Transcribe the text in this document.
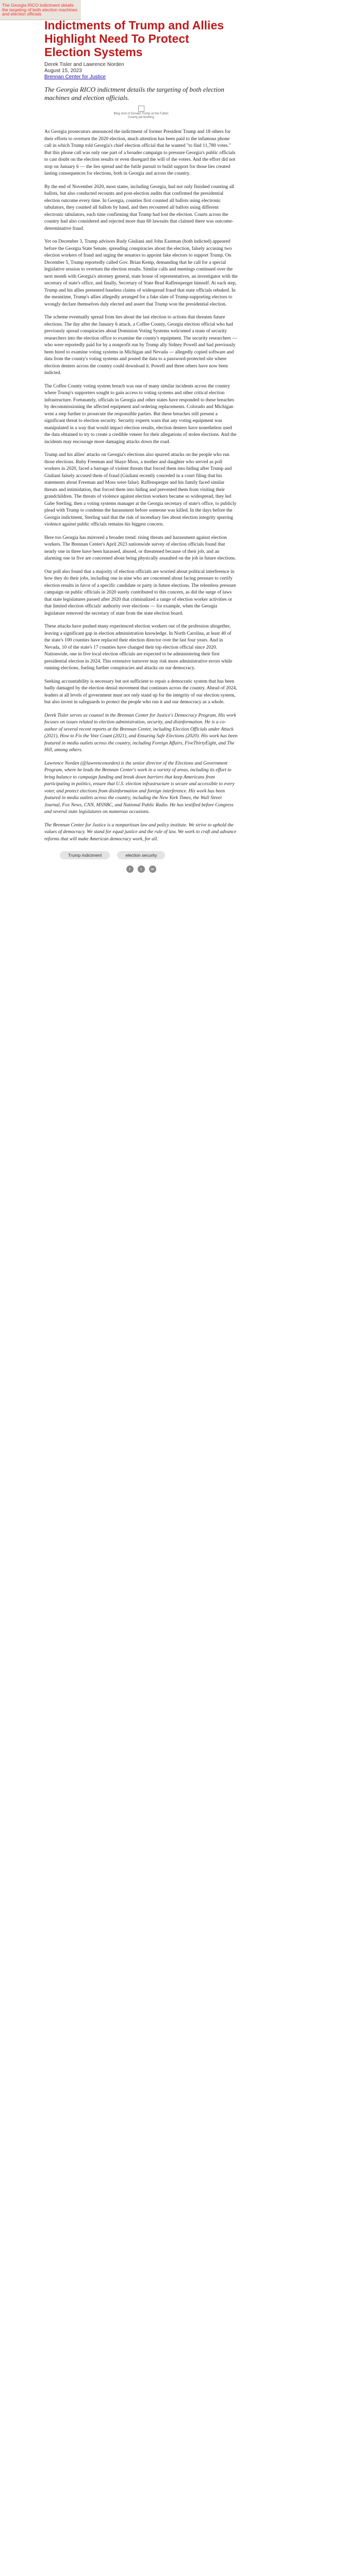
The Georgia RICO indictment details the targeting of both election machines and election officials
Indictments of Trump and Allies Highlight Need To Protect Election Systems
Derek Tisler and Lawrence Norden
August 15, 2023
Brennan Center for Justice
The Georgia RICO indictment details the targeting of both election machines and election officials.
Blog shot of Donald Trump at the Fulton County jail booking

As Georgia prosecutors announced the indictment of former President Trump and 18 others for their efforts to overturn the 2020 election, much attention has been paid to the infamous phone call in which Trump told Georgia's chief election official that he wanted "to find 11,780 votes." But this phone call was only one part of a broader campaign to pressure Georgia's public officials to cast doubt on the election results or even disregard the will of the voters. And the effort did not stop on January 6 — the lies spread and the futile pursuit to build support for those lies created lasting consequences for elections, both in Georgia and across the country.

By the end of November 2020, most states, including Georgia, had not only finished counting all ballots, but also conducted recounts and post-election audits that confirmed the presidential election outcome every time. In Georgia, counties first counted all ballots using electronic tabulators, they counted all ballots by hand, and then recounted all ballots using different electronic tabulators, each time confirming that Trump had lost the election. Courts across the country had also considered and rejected more than 60 lawsuits that claimed there was outcome-determinative fraud.

Yet on December 3, Trump advisors Rudy Giuliani and John Eastman (both indicted) appeared before the Georgia State Senate, spreading conspiracies about the election, falsely accusing two election workers of fraud and urging the senators to appoint fake electors to support Trump. On December 5, Trump reportedly called Gov. Brian Kemp, demanding that he call for a special legislative session to overturn the election results. Similar calls and meetings continued over the next month with Georgia's attorney general, state house of representatives, an investigator with the secretary of state's office, and finally, Secretary of State Brad Raffensperger himself. At each step, Trump and his allies presented baseless claims of widespread fraud that state officials rebuked. In the meantime, Trump's allies allegedly arranged for a fake slate of Trump-supporting electors to wrongly declare themselves duly elected and assert that Trump won the presidential election.

The scheme eventually spread from lies about the last election to actions that threaten future elections. The day after the January 6 attack, a Coffee County, Georgia election official who had previously spread conspiracies about Dominion Voting Systems welcomed a team of security researchers into the election office to examine the county's equipment. The security researchers — who were reportedly paid for by a nonprofit run by Trump ally Sidney Powell and had previously been hired to examine voting systems in Michigan and Nevada — allegedly copied software and data from the county's voting systems and posted the data to a password-protected site where election deniers across the country could download it. Powell and three others have now been indicted.

The Coffee County voting system breach was one of many similar incidents across the country where Trump's supporters sought to gain access to voting systems and other critical election infrastructure. Fortunately, officials in Georgia and other states have responded to these breaches by decommissioning the affected equipment and ordering replacements. Colorado and Michigan went a step further to prosecute the responsible parties. But these breaches still present a significant threat to election security. Security experts warn that any voting equipment was manipulated in a way that would impact election results, election deniers have nonetheless used the data obtained to try to create a credible veneer for their allegations of stolen elections. And the incidents may encourage more damaging attacks down the road.

Trump and his allies' attacks on Georgia's elections also spurred attacks on the people who run those elections. Ruby Freeman and Shaye Moss, a mother and daughter who served as poll workers in 2020, faced a barrage of violent threats that forced them into hiding after Trump and Giuliani falsely accused them of fraud (Giuliani recently conceded in a court filing that his statements about Freeman and Moss were false). Raffensperger and his family faced similar threats and intimidation, that forced them into hiding and prevented them from visiting their grandchildren. The threats of violence against election workers became so widespread, they led Gabe Sterling, then a voting systems manager at the Georgia secretary of state's office, to publicly plead with Trump to condemn the harassment before someone was killed. In the days before the Georgia indictment, Sterling said that the risk of incendiary lies about election integrity spurring violence against public officials remains his biggest concern.

Here too Georgia has mirrored a broader trend: rising threats and harassment against election workers. The Brennan Center's April 2023 nationwide survey of election officials found that nearly one in three have been harassed, abused, or threatened because of their job, and an alarming one in five are concerned about being physically assaulted on the job in future elections.

Our poll also found that a majority of election officials are worried about political interference in how they do their jobs, including one in nine who are concerned about facing pressure to certify election results in favor of a specific candidate or party in future elections. The relentless pressure campaign on public officials in 2020 surely contributed to this concern, as did the surge of laws that state legislatures passed after 2020 that criminalized a range of election worker activities or that limited election officials' authority over elections — for example, when the Georgia legislature removed the secretary of state from the state election board.

These attacks have pushed many experienced election workers out of the profession altogether, leaving a significant gap in election administration knowledge. In North Carolina, at least 40 of the state's 100 counties have replaced their election director over the last four years. And in Nevada, 10 of the state's 17 counties have changed their top election official since 2020. Nationwide, one in five local election officials are expected to be administering their first presidential election in 2024. This extensive turnover may risk more administrative errors while running elections, fueling further conspiracies and attacks on our democracy.

Seeking accountability is necessary but not sufficient to repair a democratic system that has been badly damaged by the election denial movement that continues across the country. Ahead of 2024, leaders at all levels of government must not only stand up for the integrity of our election system, but also invest in safeguards to protect the people who run it and our democracy as a whole.

Derek Tisler serves as counsel in the Brennan Center for Justice's Democracy Program. His work focuses on issues related to election administration, security, and disinformation. He is a co-author of several recent reports at the Brennan Center, including Election Officials under Attack (2021), How to Fix the Vote Count (2021), and Ensuring Safe Elections (2020). His work has been featured in media outlets across the country, including Foreign Affairs, FiveThirtyEight, and The Hill, among others.

Lawrence Norden (@lawrencenorden) is the senior director of the Elections and Government Program, where he leads the Brennan Center's work in a variety of areas, including its effort to bring balance to campaign funding and break down barriers that keep Americans from participating in politics, ensure that U.S. election infrastructure is secure and accessible to every voter, and protect elections from disinformation and foreign interference. His work has been featured in media outlets across the country, including the New York Times, the Wall Street Journal, Fox News, CNN, MSNBC, and National Public Radio. He has testified before Congress and several state legislatures on numerous occasions.

The Brennan Center for Justice is a nonpartisan law and policy institute. We strive to uphold the values of democracy. We stand for equal justice and the rule of law. We work to craft and advance reforms that will make American democracy work, for all.

Trump indictment	election security
f	t	✉
